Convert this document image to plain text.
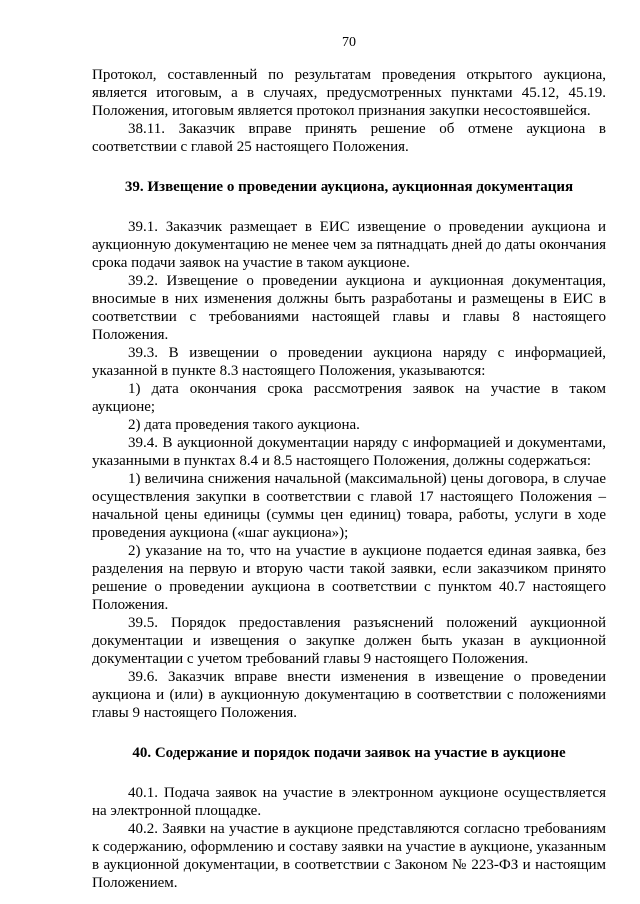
70

Протокол, составленный по результатам проведения открытого аукциона, является итоговым, а в случаях, предусмотренных пунктами 45.12, 45.19. Положения, итоговым является протокол признания закупки несостоявшейся.

38.11. Заказчик вправе принять решение об отмене аукциона в соответствии с главой 25 настоящего Положения.

39. Извещение о проведении аукциона, аукционная документация

39.1. Заказчик размещает в ЕИС извещение о проведении аукциона и аукционную документацию не менее чем за пятнадцать дней до даты окончания срока подачи заявок на участие в таком аукционе.

39.2. Извещение о проведении аукциона и аукционная документация, вносимые в них изменения должны быть разработаны и размещены в ЕИС в соответствии с требованиями настоящей главы и главы 8 настоящего Положения.

39.3. В извещении о проведении аукциона наряду с информацией, указанной в пункте 8.3 настоящего Положения, указываются:

1) дата окончания срока рассмотрения заявок на участие в таком аукционе;

2) дата проведения такого аукциона.

39.4. В аукционной документации наряду с информацией и документами, указанными в пунктах 8.4 и 8.5 настоящего Положения, должны содержаться:

1) величина снижения начальной (максимальной) цены договора, в случае осуществления закупки в соответствии с главой 17 настоящего Положения – начальной цены единицы (суммы цен единиц) товара, работы, услуги в ходе проведения аукциона («шаг аукциона»);

2) указание на то, что на участие в аукционе подается единая заявка, без разделения на первую и вторую части такой заявки, если заказчиком принято решение о проведении аукциона в соответствии с пунктом 40.7 настоящего Положения.

39.5. Порядок предоставления разъяснений положений аукционной документации и извещения о закупке должен быть указан в аукционной документации с учетом требований главы 9 настоящего Положения.

39.6. Заказчик вправе внести изменения в извещение о проведении аукциона и (или) в аукционную документацию в соответствии с положениями главы 9 настоящего Положения.

40. Содержание и порядок подачи заявок на участие в аукционе

40.1. Подача заявок на участие в электронном аукционе осуществляется на электронной площадке.

40.2. Заявки на участие в аукционе представляются согласно требованиям к содержанию, оформлению и составу заявки на участие в аукционе, указанным в аукционной документации, в соответствии с Законом № 223-ФЗ и настоящим Положением.
